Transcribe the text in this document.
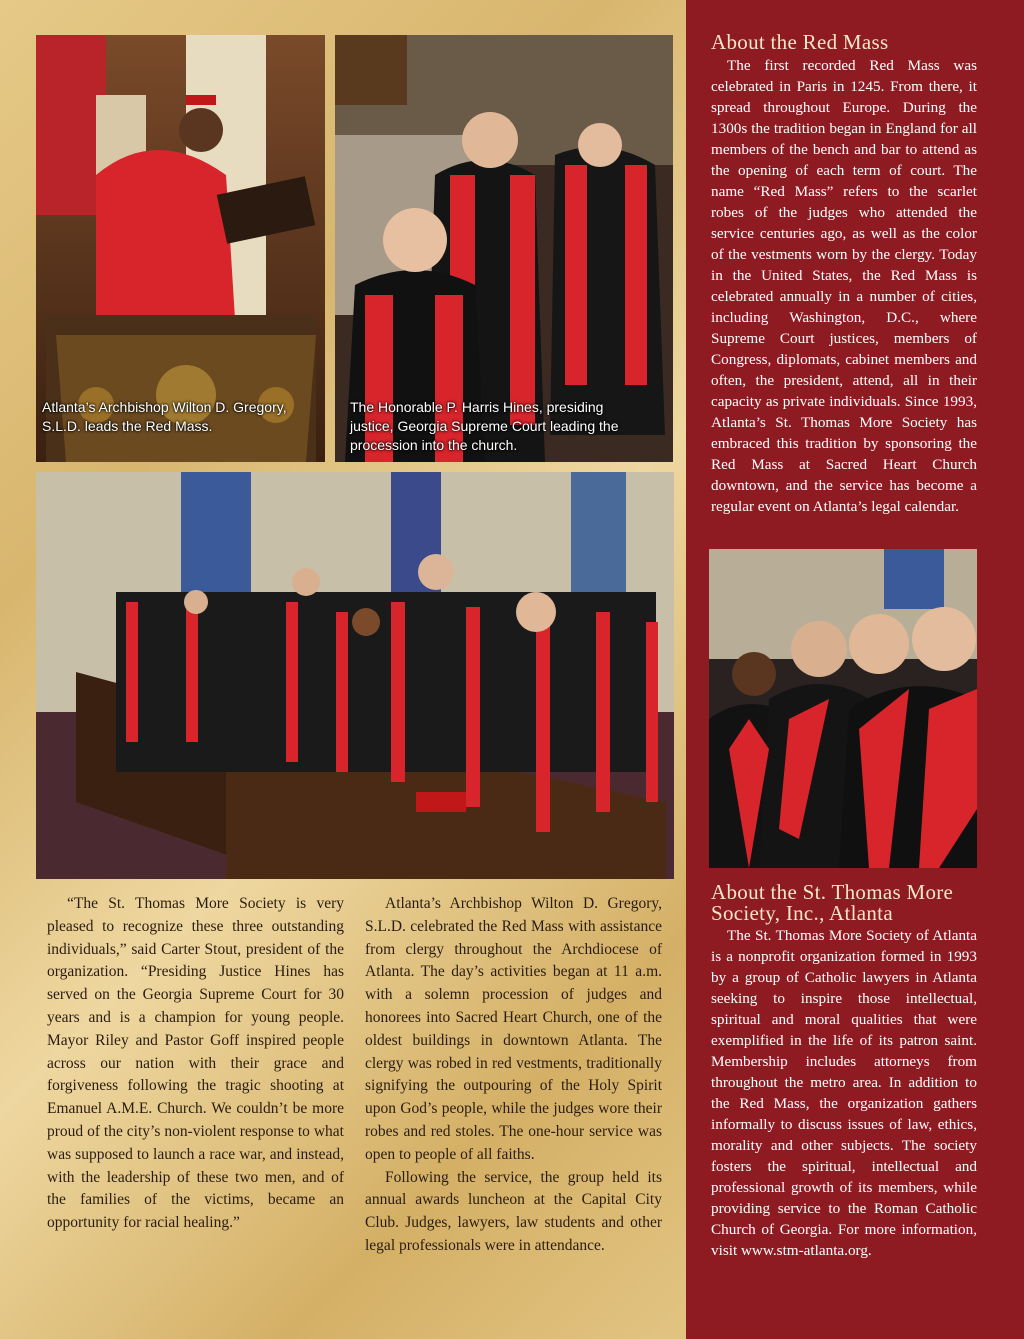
Atlanta’s Archbishop Wilton D. Gregory, S.L.D. leads the Red Mass.
The Honorable P. Harris Hines, presiding justice, Georgia Supreme Court leading the procession into the church.

“The St. Thomas More Society is very pleased to recognize these three outstanding individuals,” said Carter Stout, president of the organization. “Presiding Justice Hines has served on the Georgia Supreme Court for 30 years and is a champion for young people. Mayor Riley and Pastor Goff inspired people across our nation with their grace and forgiveness following the tragic shooting at Emanuel A.M.E. Church. We couldn’t be more proud of the city’s non-violent response to what was supposed to launch a race war, and instead, with the leadership of these two men, and of the families of the victims, became an opportunity for racial healing.”

Atlanta’s Archbishop Wilton D. Gregory, S.L.D. celebrated the Red Mass with assistance from clergy throughout the Archdiocese of Atlanta. The day’s activities began at 11 a.m. with a solemn procession of judges and honorees into Sacred Heart Church, one of the oldest buildings in downtown Atlanta. The clergy was robed in red vestments, traditionally signifying the outpouring of the Holy Spirit upon God’s people, while the judges wore their robes and red stoles. The one-hour service was open to people of all faiths.

Following the service, the group held its annual awards luncheon at the Capital City Club. Judges, lawyers, law students and other legal professionals were in attendance.

About the Red Mass

The first recorded Red Mass was celebrated in Paris in 1245. From there, it spread throughout Europe. During the 1300s the tradition began in England for all members of the bench and bar to attend as the opening of each term of court. The name “Red Mass” refers to the scarlet robes of the judges who attended the service centuries ago, as well as the color of the vestments worn by the clergy. Today in the United States, the Red Mass is celebrated annually in a number of cities, including Washington, D.C., where Supreme Court justices, members of Congress, diplomats, cabinet members and often, the president, attend, all in their capacity as private individuals. Since 1993, Atlanta’s St. Thomas More Society has embraced this tradition by sponsoring the Red Mass at Sacred Heart Church downtown, and the service has become a regular event on Atlanta’s legal calendar.

About the St. Thomas More Society, Inc., Atlanta

The St. Thomas More Society of Atlanta is a nonprofit organization formed in 1993 by a group of Catholic lawyers in Atlanta seeking to inspire those intellectual, spiritual and moral qualities that were exemplified in the life of its patron saint. Membership includes attorneys from throughout the metro area. In addition to the Red Mass, the organization gathers informally to discuss issues of law, ethics, morality and other subjects. The society fosters the spiritual, intellectual and professional growth of its members, while providing service to the Roman Catholic Church of Georgia. For more information, visit www.stm-atlanta.org.
